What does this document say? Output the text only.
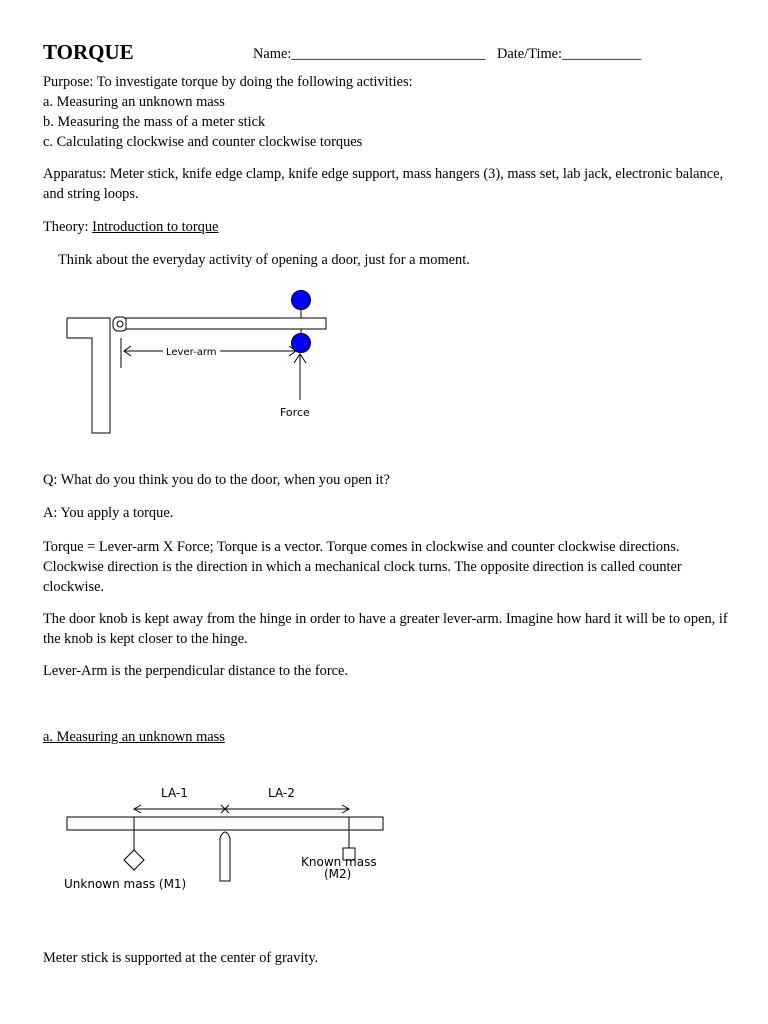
TORQUE	Name:___________________________ Date/Time:___________
Purpose: To investigate torque by doing the following activities:
a. Measuring an unknown mass
b. Measuring the mass of a meter stick
c. Calculating clockwise and counter clockwise torques
Apparatus: Meter stick, knife edge clamp, knife edge support, mass hangers (3), mass set, lab jack, electronic balance, and string loops.
Theory: Introduction to torque
Think about the everyday activity of opening a door, just for a moment.
Lever-arm
Force
Q: What do you think you do to the door, when you open it?
A: You apply a torque.
Torque = Lever-arm X Force; Torque is a vector. Torque comes in clockwise and counter clockwise directions. Clockwise direction is the direction in which a mechanical clock turns. The opposite direction is called counter clockwise.
The door knob is kept away from the hinge in order to have a greater lever-arm. Imagine how hard it will be to open, if the knob is kept closer to the hinge.
Lever-Arm is the perpendicular distance to the force.
a. Measuring an unknown mass
LA-1	LA-2
Unknown mass (M1)
Known mass
(M2)
Meter stick is supported at the center of gravity.
